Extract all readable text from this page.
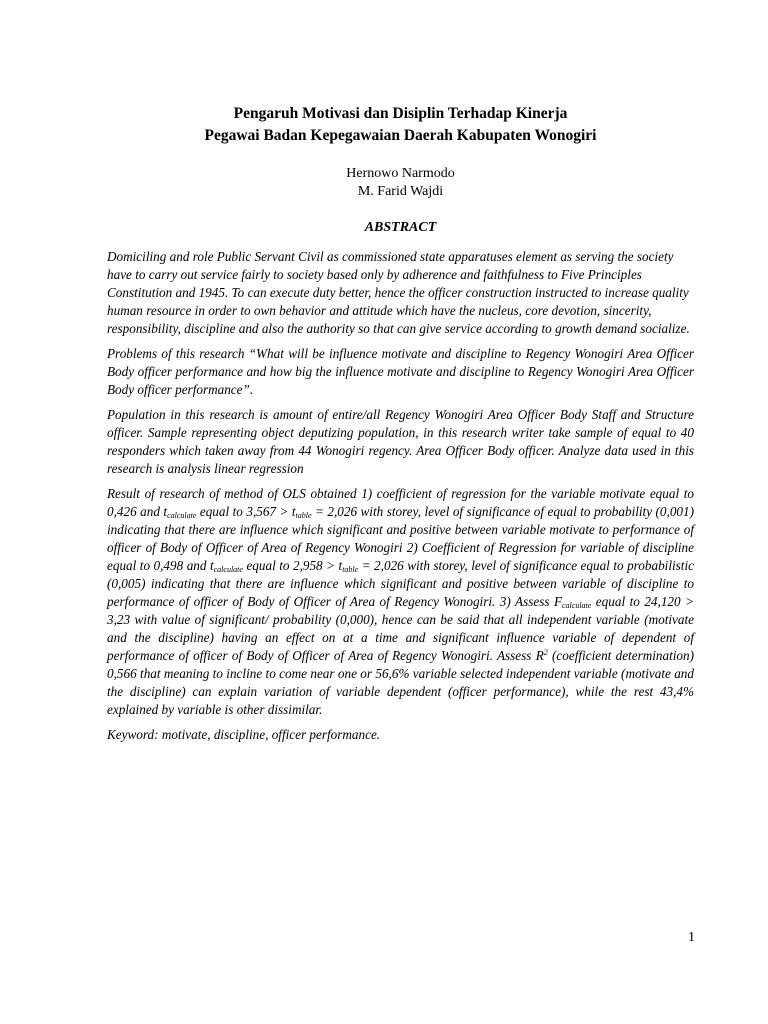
Pengaruh Motivasi dan Disiplin Terhadap Kinerja

Pegawai Badan Kepegawaian Daerah Kabupaten Wonogiri

Hernowo Narmodo
M. Farid Wajdi
ABSTRACT

Domiciling and role Public Servant Civil as commissioned state apparatuses element as serving the society have to carry out service fairly to society based only by adherence and faithfulness to Five Principles Constitution and 1945. To can execute duty better, hence the officer construction instructed to increase quality human resource in order to own behavior and attitude which have the nucleus, core devotion, sincerity, responsibility, discipline and also the authority so that can give service according to growth demand socialize.

Problems of this research “What will be influence motivate and discipline to Regency Wonogiri Area Officer Body officer performance and how big the influence motivate and discipline to Regency Wonogiri Area Officer Body officer performance”.

Population in this research is amount of entire/all Regency Wonogiri Area Officer Body Staff and Structure officer. Sample representing object deputizing population, in this research writer take sample of equal to 40 responders which taken away from 44 Wonogiri regency. Area Officer Body officer. Analyze data used in this research is analysis linear regression

Result of research of method of OLS obtained 1) coefficient of regression for the variable motivate equal to 0,426 and $t_{calculate}$ equal to $3,567 > t_{table} = 2,026$ with storey, level of significance of equal to probability (0,001) indicating that there are influence which significant and positive between variable motivate to performance of officer of Body of Officer of Area of Regency Wonogiri 2) Coefficient of Regression for variable of discipline equal to 0,498 and $t_{calculate}$ equal to $2,958 > t_{table} = 2,026$ with storey, level of significance equal to probabilistic (0,005) indicating that there are influence which significant and positive between variable of discipline to performance of officer of Body of Officer of Area of Regency Wonogiri. 3) Assess $F_{calculate}$ equal to 24,120 > 3,23 with value of significant/ probability (0,000), hence can be said that all independent variable (motivate and the discipline) having an effect on at a time and significant influence variable of dependent of performance of officer of Body of Officer of Area of Regency Wonogiri. Assess $R^2$ (coefficient determination) 0,566 that meaning to incline to come near one or 56,6% variable selected independent variable (motivate and the discipline) can explain variation of variable dependent (officer performance), while the rest 43,4% explained by variable is other dissimilar.

Keyword: motivate, discipline, officer performance.

1
